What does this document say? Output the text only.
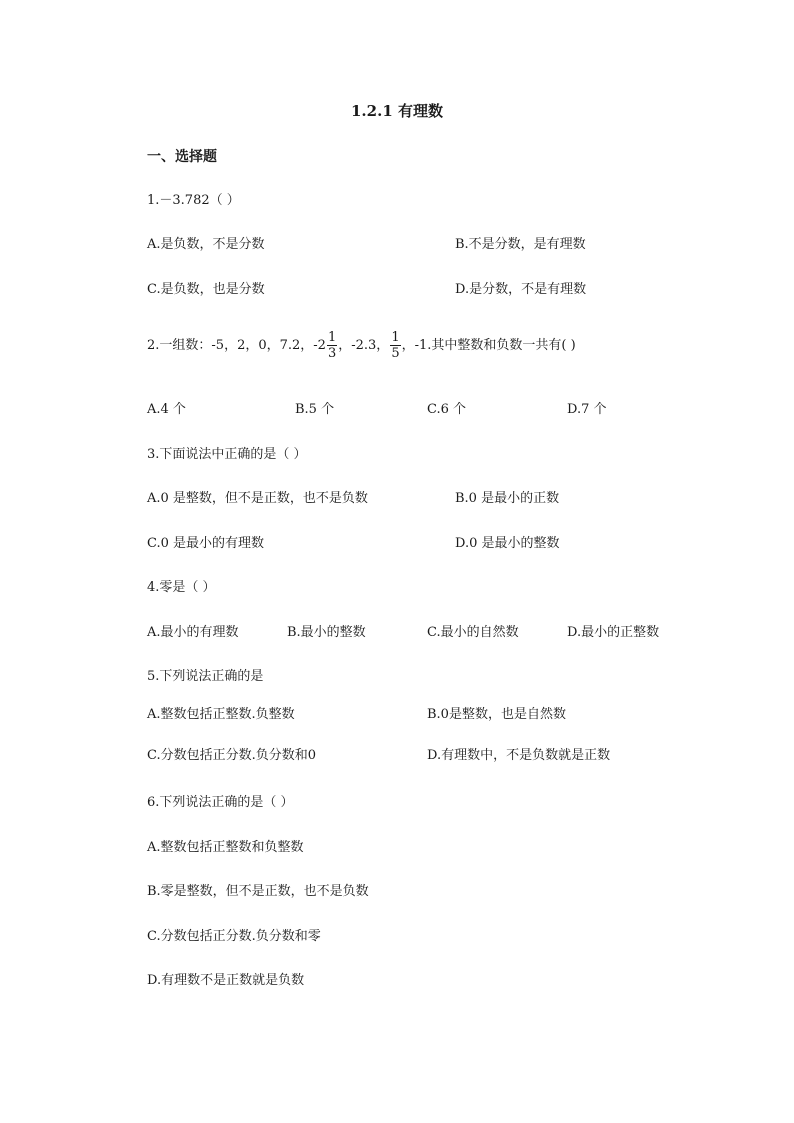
1.2.1 有理数
一、选择题
1.－3.782（ ）
A.是负数，不是分数	B.不是分数，是有理数
C.是负数，也是分数	D.是分数，不是有理数
2.一组数：-5，2，0，7.2，$-2 \frac{1}{3}$ ，-2.3， $\frac{1}{5}$ ，-1.其中整数和负数一共有( )
A.4 个	B.5 个	C.6 个	D.7 个
3.下面说法中正确的是（ ）
A.0 是整数，但不是正数，也不是负数	B.0 是最小的正数
C.0 是最小的有理数	D.0 是最小的整数
4.零是（ ）
A.最小的有理数	B.最小的整数	C.最小的自然数	D.最小的正整数
5.下列说法正确的是
A.整数包括正整数.负整数	B.0是整数，也是自然数
C.分数包括正分数.负分数和0	D.有理数中，不是负数就是正数
6.下列说法正确的是（ ）
A.整数包括正整数和负整数
B.零是整数，但不是正数，也不是负数
C.分数包括正分数.负分数和零
D.有理数不是正数就是负数
